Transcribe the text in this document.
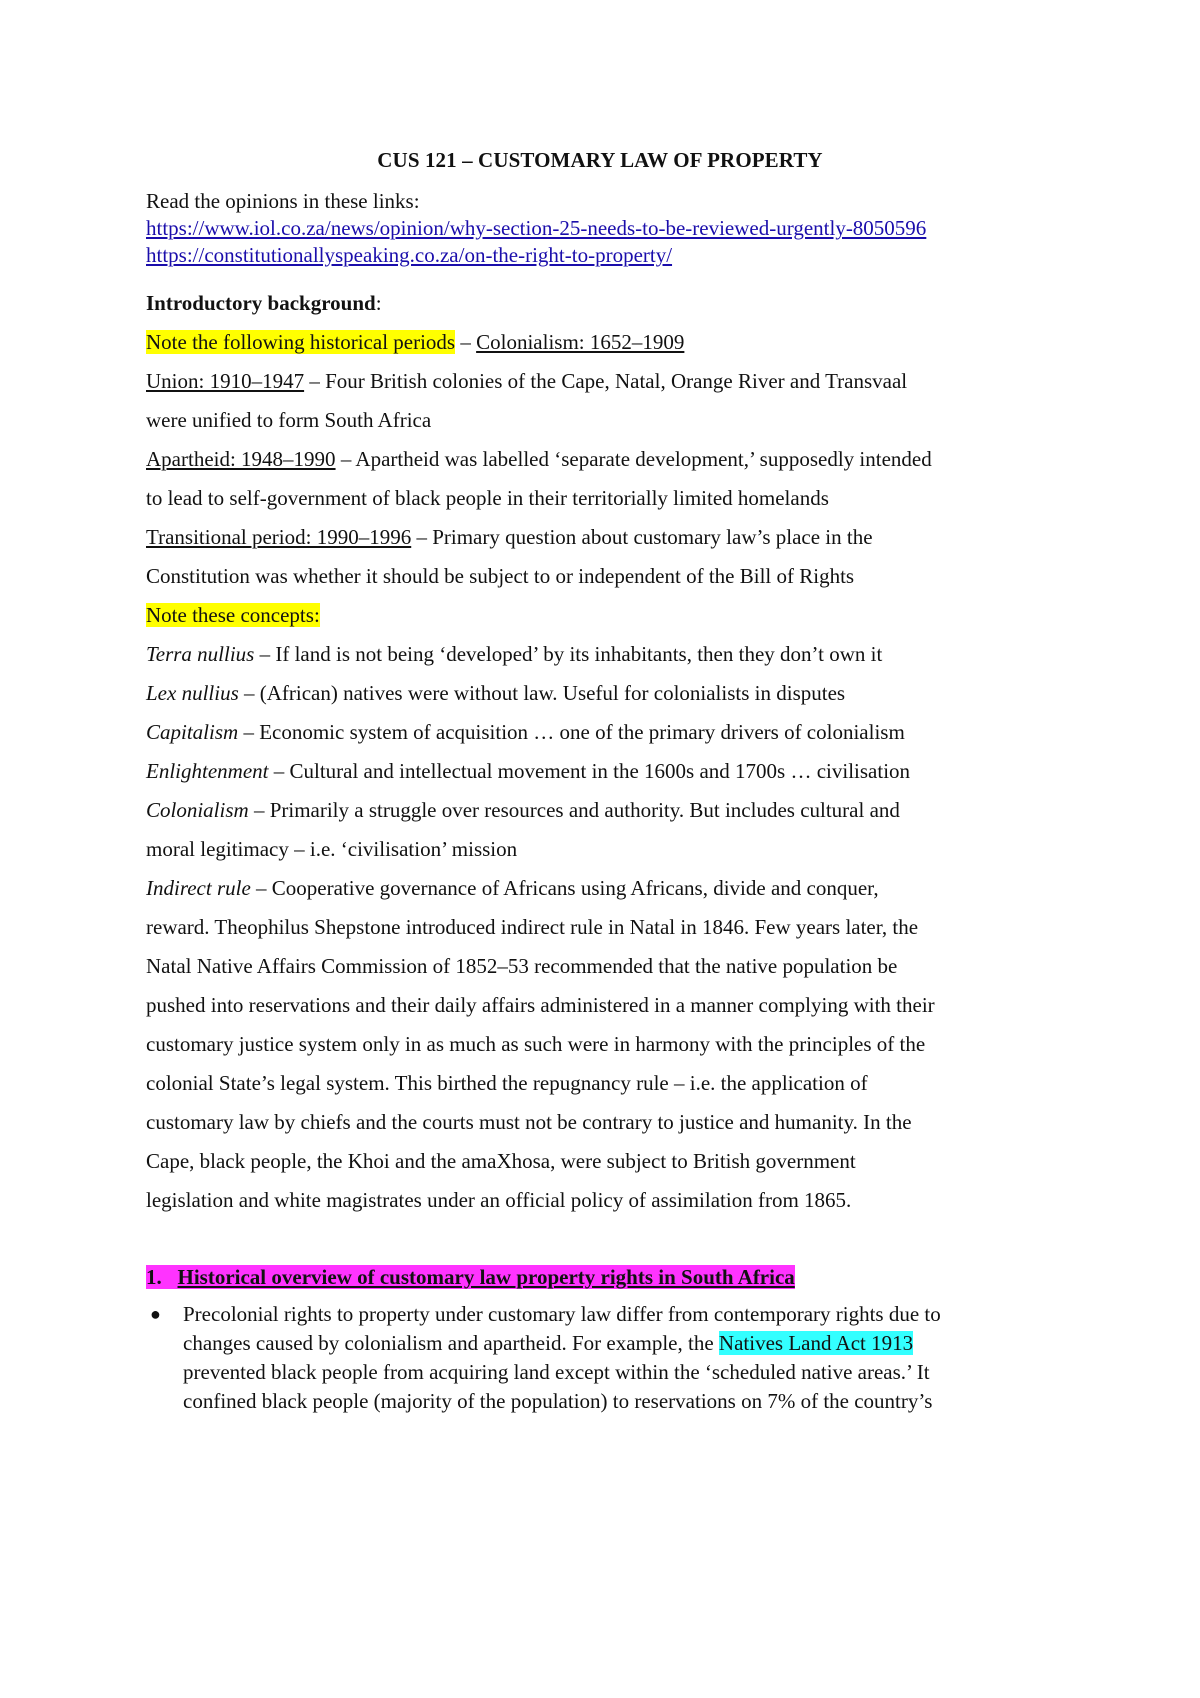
CUS 121 – CUSTOMARY LAW OF PROPERTY
Read the opinions in these links:
https://www.iol.co.za/news/opinion/why-section-25-needs-to-be-reviewed-urgently-8050596
https://constitutionallyspeaking.co.za/on-the-right-to-property/
Introductory background:
Note the following historical periods – Colonialism: 1652–1909
Union: 1910–1947 – Four British colonies of the Cape, Natal, Orange River and Transvaal
were unified to form South Africa
Apartheid: 1948–1990 – Apartheid was labelled ‘separate development,’ supposedly intended
to lead to self-government of black people in their territorially limited homelands
Transitional period: 1990–1996 – Primary question about customary law’s place in the
Constitution was whether it should be subject to or independent of the Bill of Rights
Note these concepts:
Terra nullius – If land is not being ‘developed’ by its inhabitants, then they don’t own it
Lex nullius – (African) natives were without law. Useful for colonialists in disputes
Capitalism – Economic system of acquisition … one of the primary drivers of colonialism
Enlightenment – Cultural and intellectual movement in the 1600s and 1700s … civilisation
Colonialism – Primarily a struggle over resources and authority. But includes cultural and
moral legitimacy – i.e. ‘civilisation’ mission
Indirect rule – Cooperative governance of Africans using Africans, divide and conquer,
reward. Theophilus Shepstone introduced indirect rule in Natal in 1846. Few years later, the
Natal Native Affairs Commission of 1852–53 recommended that the native population be
pushed into reservations and their daily affairs administered in a manner complying with their
customary justice system only in as much as such were in harmony with the principles of the
colonial State’s legal system. This birthed the repugnancy rule – i.e. the application of
customary law by chiefs and the courts must not be contrary to justice and humanity. In the
Cape, black people, the Khoi and the amaXhosa, were subject to British government
legislation and white magistrates under an official policy of assimilation from 1865.
1. Historical overview of customary law property rights in South Africa
● Precolonial rights to property under customary law differ from contemporary rights due to
changes caused by colonialism and apartheid. For example, the Natives Land Act 1913
prevented black people from acquiring land except within the ‘scheduled native areas.’ It
confined black people (majority of the population) to reservations on 7% of the country’s
